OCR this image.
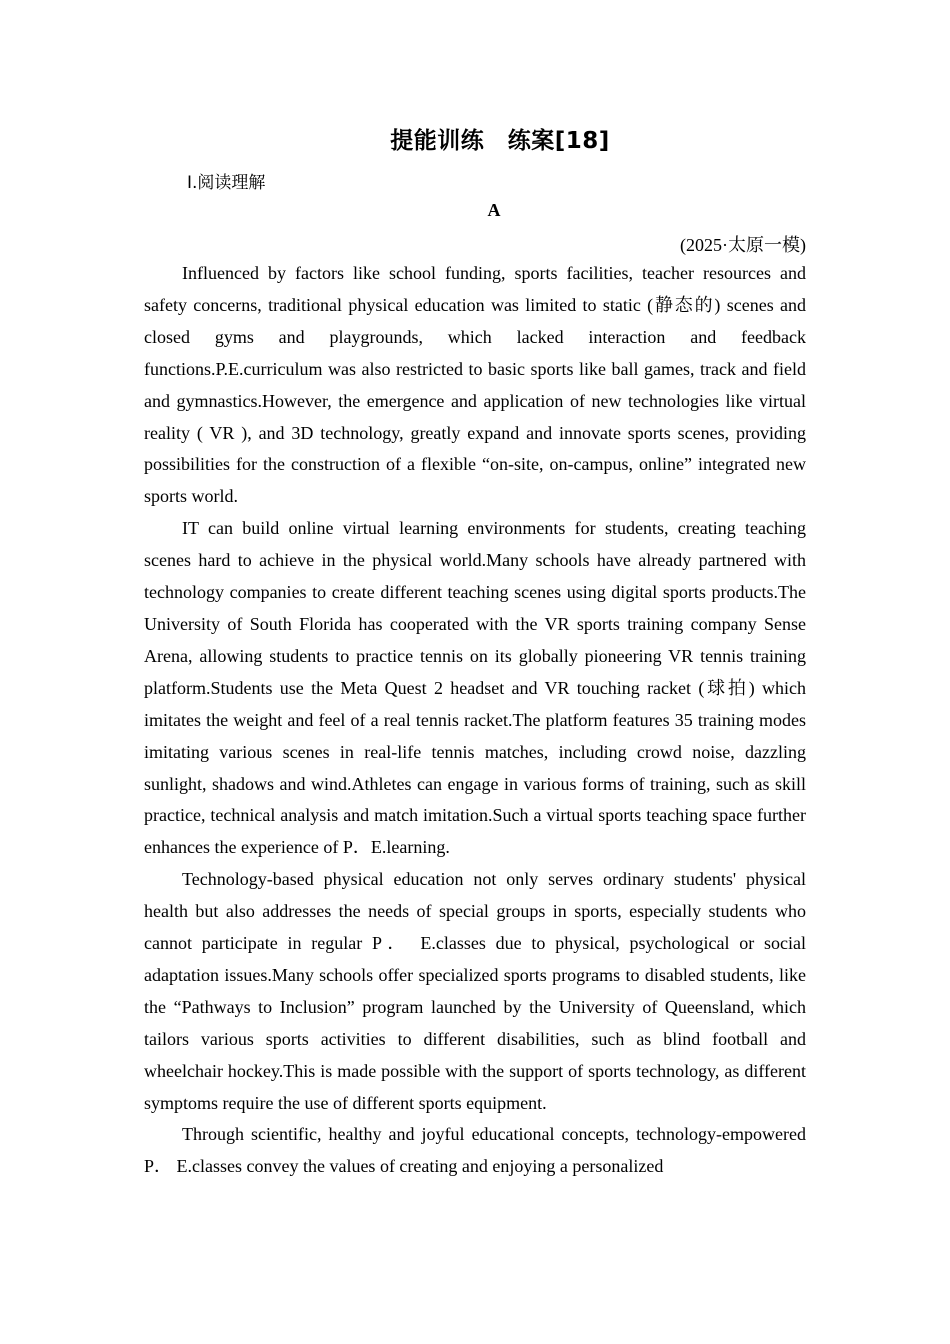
提能训练　练案[18]
Ⅰ.阅读理解
A
(2025·太原一模)

Influenced by factors like school funding, sports facilities, teacher resources and safety concerns, traditional physical education was limited to static (静态的) scenes and closed gyms and playgrounds, which lacked interaction and feedback functions.P.E.curriculum was also restricted to basic sports like ball games, track and field and gymnastics.However, the emergence and application of new technologies like virtual reality ( VR ), and 3D technology, greatly expand and innovate sports scenes, providing possibilities for the construction of a flexible “on-site, on-campus, online” integrated new sports world.

IT can build online virtual learning environments for students, creating teaching scenes hard to achieve in the physical world.Many schools have already partnered with technology companies to create different teaching scenes using digital sports products.The University of South Florida has cooperated with the VR sports training company Sense Arena, allowing students to practice tennis on its globally pioneering VR tennis training platform.Students use the Meta Quest 2 headset and VR touching racket (球拍) which imitates the weight and feel of a real tennis racket.The platform features 35 training modes imitating various scenes in real-life tennis matches, including crowd noise, dazzling sunlight, shadows and wind.Athletes can engage in various forms of training, such as skill practice, technical analysis and match imitation.Such a virtual sports teaching space further enhances the experience of P．E.learning.

Technology-based physical education not only serves ordinary students' physical health but also addresses the needs of special groups in sports, especially students who cannot participate in regular P． E.classes due to physical, psychological or social adaptation issues.Many schools offer specialized sports programs to disabled students, like the “Pathways to Inclusion” program launched by the University of Queensland, which tailors various sports activities to different disabilities, such as blind football and wheelchair hockey.This is made possible with the support of sports technology, as different symptoms require the use of different sports equipment.

Through scientific, healthy and joyful educational concepts, technology-empowered P． E.classes convey the values of creating and enjoying a personalized
